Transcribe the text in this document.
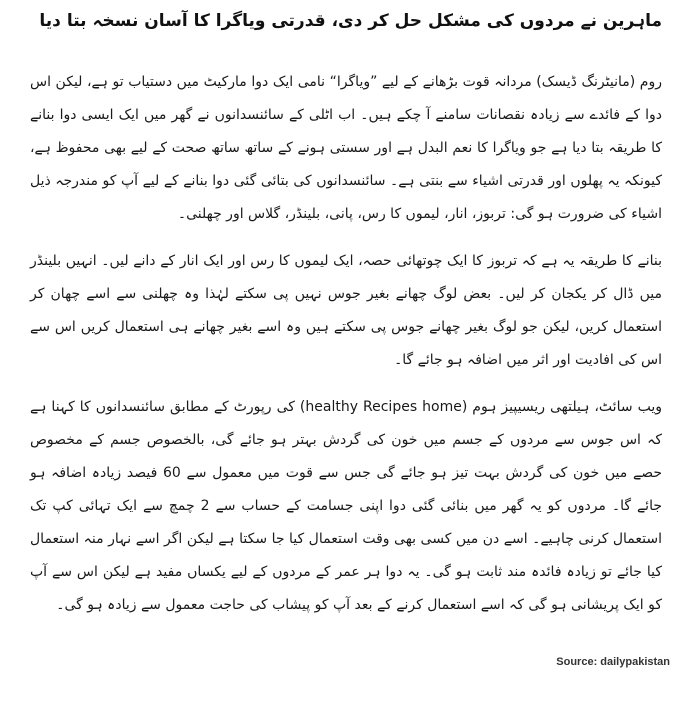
ماہرین نے مردوں کی مشکل حل کر دی، قدرتی ویاگرا کا آسان نسخہ بتا دیا

روم (مانیٹرنگ ڈیسک) مردانہ قوت بڑھانے کے لیے ”ویاگرا“ نامی ایک دوا مارکیٹ میں دستیاب تو ہے، لیکن اس دوا کے فائدے سے زیادہ نقصانات سامنے آ چکے ہیں۔ اب اٹلی کے سائنسدانوں نے گھر میں ایک ایسی دوا بنانے کا طریقہ بتا دیا ہے جو ویاگرا کا نعم البدل ہے اور سستی ہونے کے ساتھ ساتھ صحت کے لیے بھی محفوظ ہے، کیونکہ یہ پھلوں اور قدرتی اشیاء سے بنتی ہے۔ سائنسدانوں کی بتائی گئی دوا بنانے کے لیے آپ کو مندرجہ ذیل اشیاء کی ضرورت ہو گی: تربوز، انار، لیموں کا رس، پانی، بلینڈر، گلاس اور چھلنی۔

بنانے کا طریقہ یہ ہے کہ تربوز کا ایک چوتھائی حصہ، ایک لیموں کا رس اور ایک انار کے دانے لیں۔ انہیں بلینڈر میں ڈال کر یکجان کر لیں۔ بعض لوگ چھانے بغیر جوس نہیں پی سکتے لہٰذا وہ چھلنی سے اسے چھان کر استعمال کریں، لیکن جو لوگ بغیر چھانے جوس پی سکتے ہیں وہ اسے بغیر چھانے ہی استعمال کریں اس سے اس کی افادیت اور اثر میں اضافہ ہو جائے گا۔

ویب سائٹ، ہیلتھی ریسیپیز ہوم (healthy Recipes home) کی رپورٹ کے مطابق سائنسدانوں کا کہنا ہے کہ اس جوس سے مردوں کے جسم میں خون کی گردش بہتر ہو جائے گی، بالخصوص جسم کے مخصوص حصے میں خون کی گردش بہت تیز ہو جائے گی جس سے قوت میں معمول سے 60 فیصد زیادہ اضافہ ہو جائے گا۔ مردوں کو یہ گھر میں بنائی گئی دوا اپنی جسامت کے حساب سے 2 چمچ سے ایک تہائی کپ تک استعمال کرنی چاہیے۔ اسے دن میں کسی بھی وقت استعمال کیا جا سکتا ہے لیکن اگر اسے نہار منہ استعمال کیا جائے تو زیادہ فائدہ مند ثابت ہو گی۔ یہ دوا ہر عمر کے مردوں کے لیے یکساں مفید ہے لیکن اس سے آپ کو ایک پریشانی ہو گی کہ اسے استعمال کرنے کے بعد آپ کو پیشاب کی حاجت معمول سے زیادہ ہو گی۔

Source: dailypakistan
